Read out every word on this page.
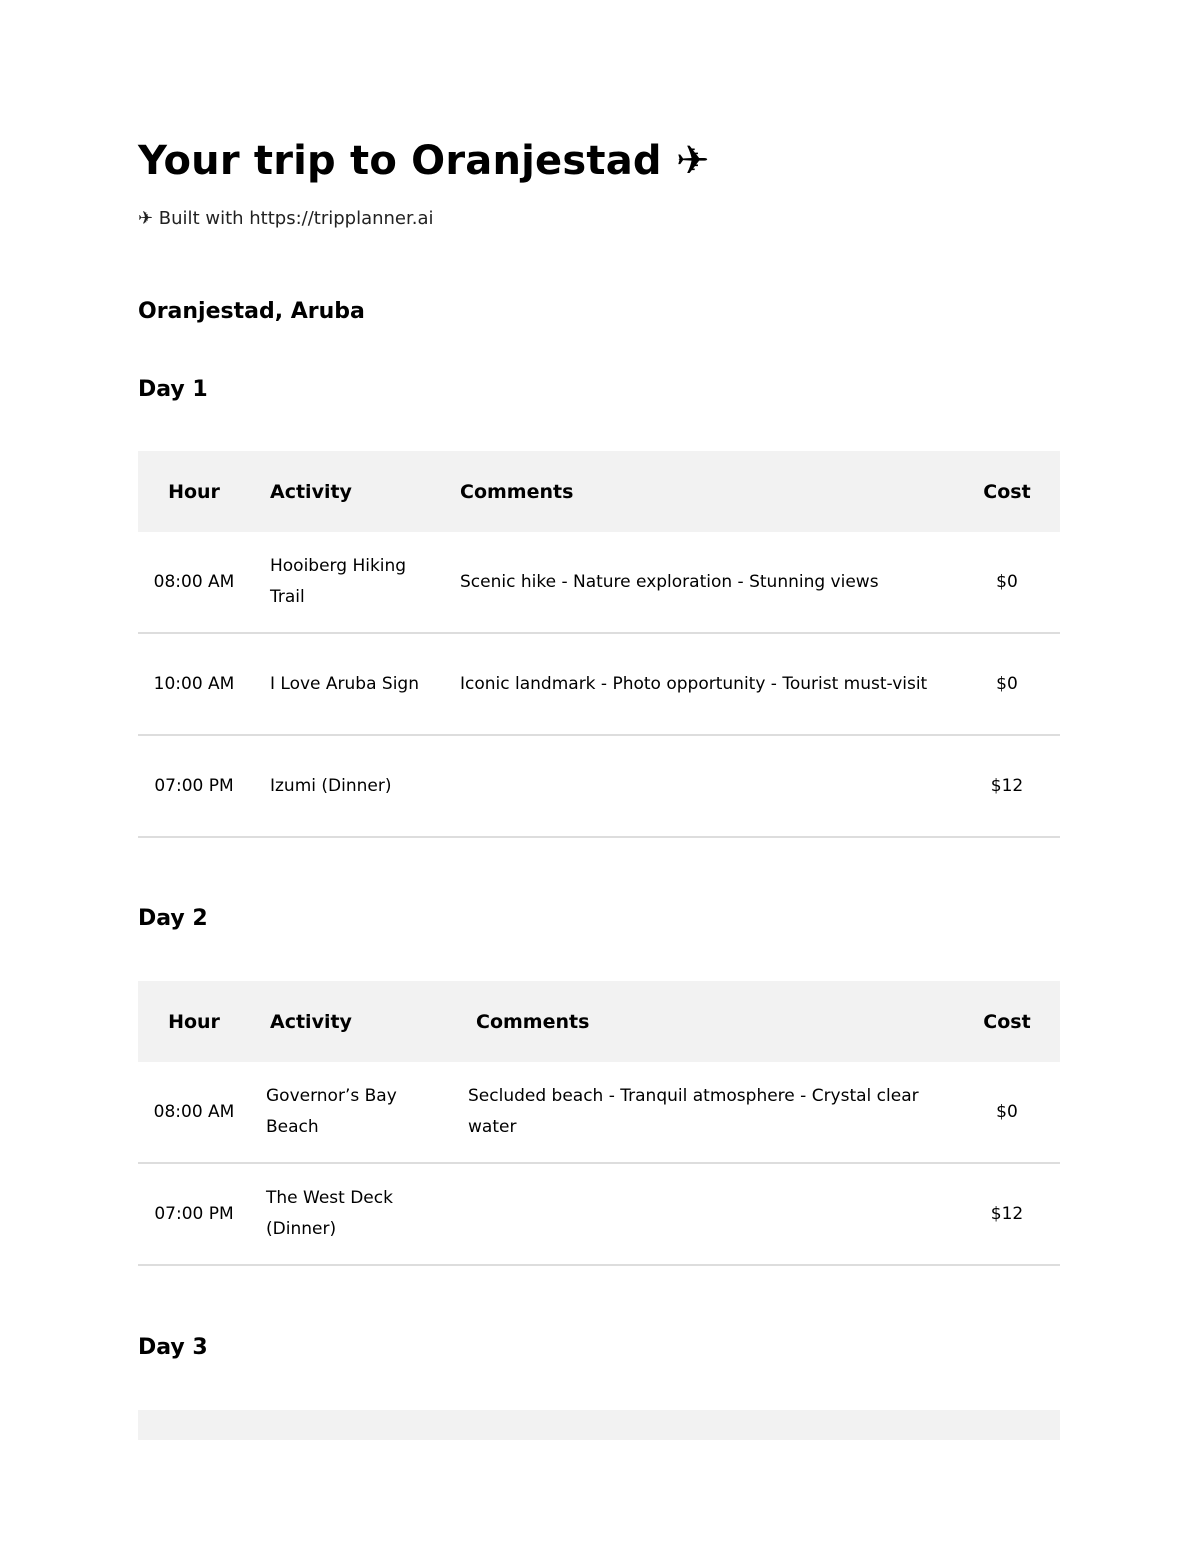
Your trip to Oranjestad ✈
✈ Built with https://tripplanner.ai
Oranjestad, Aruba
Day 1
Hour	Activity	Comments	Cost
08:00 AM	Hooiberg Hiking Trail	Scenic hike - Nature exploration - Stunning views	$0
10:00 AM	I Love Aruba Sign	Iconic landmark - Photo opportunity - Tourist must-visit	$0
07:00 PM	Izumi (Dinner)		$12
Day 2
Hour	Activity	Comments	Cost
08:00 AM	Governor’s Bay Beach	Secluded beach - Tranquil atmosphere - Crystal clear water	$0
07:00 PM	The West Deck (Dinner)		$12
Day 3
